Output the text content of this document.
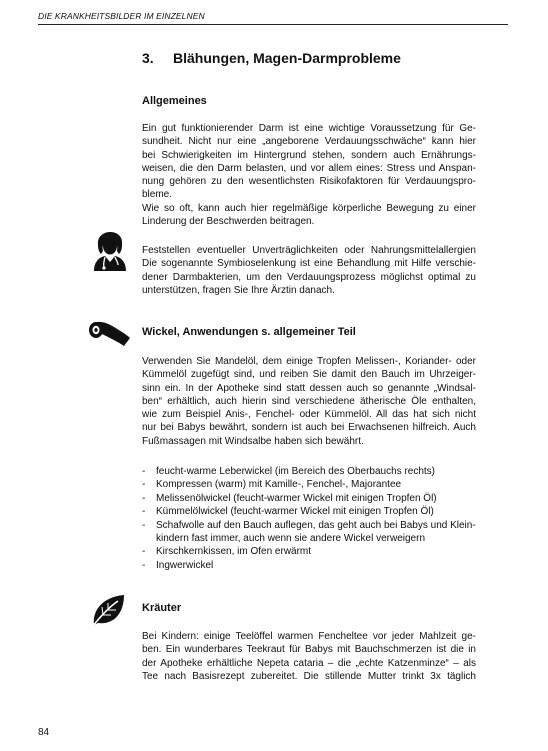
DIE KRANKHEITSBILDER IM EINZELNEN
3. Blähungen, Magen-Darmprobleme
Allgemeines
Ein gut funktionierender Darm ist eine wichtige Voraussetzung für Ge-
sundheit. Nicht nur eine „angeborene Verdauungsschwäche“ kann hier
bei Schwierigkeiten im Hintergrund stehen, sondern auch Ernährungs-
weisen, die den Darm belasten, und vor allem eines: Stress und Anspan-
nung gehören zu den wesentlichsten Risikofaktoren für Verdauungspro-
bleme.
Wie so oft, kann auch hier regelmäßige körperliche Bewegung zu einer
Linderung der Beschwerden beitragen.
Feststellen eventueller Unverträglichkeiten oder Nahrungsmittelallergien
Die sogenannte Symbioselenkung ist eine Behandlung mit Hilfe verschie-
dener Darmbakterien, um den Verdauungsprozess möglichst optimal zu
unterstützen, fragen Sie Ihre Ärztin danach.
Wickel, Anwendungen s. allgemeiner Teil
Verwenden Sie Mandelöl, dem einige Tropfen Melissen-, Koriander- oder
Kümmelöl zugefügt sind, und reiben Sie damit den Bauch im Uhrzeiger-
sinn ein. In der Apotheke sind statt dessen auch so genannte „Windsal-
ben“ erhältlich, auch hierin sind verschiedene ätherische Öle enthalten,
wie zum Beispiel Anis-, Fenchel- oder Kümmelöl. All das hat sich nicht
nur bei Babys bewährt, sondern ist auch bei Erwachsenen hilfreich. Auch
Fußmassagen mit Windsalbe haben sich bewährt.
- feucht-warme Leberwickel (im Bereich des Oberbauchs rechts)
- Kompressen (warm) mit Kamille-, Fenchel-, Majorantee
- Melissenölwickel (feucht-warmer Wickel mit einigen Tropfen Öl)
- Kümmelölwickel (feucht-warmer Wickel mit einigen Tropfen Öl)
- Schafwolle auf den Bauch auflegen, das geht auch bei Babys und Klein-
kindern fast immer, auch wenn sie andere Wickel verweigern
- Kirschkernkissen, im Ofen erwärmt
- Ingwerwickel
Kräuter
Bei Kindern: einige Teelöffel warmen Fencheltee vor jeder Mahlzeit ge-
ben. Ein wunderbares Teekraut für Babys mit Bauchschmerzen ist die in
der Apotheke erhältliche Nepeta cataria – die „echte Katzenminze“ – als
Tee nach Basisrezept zubereitet. Die stillende Mutter trinkt 3x täglich
84
